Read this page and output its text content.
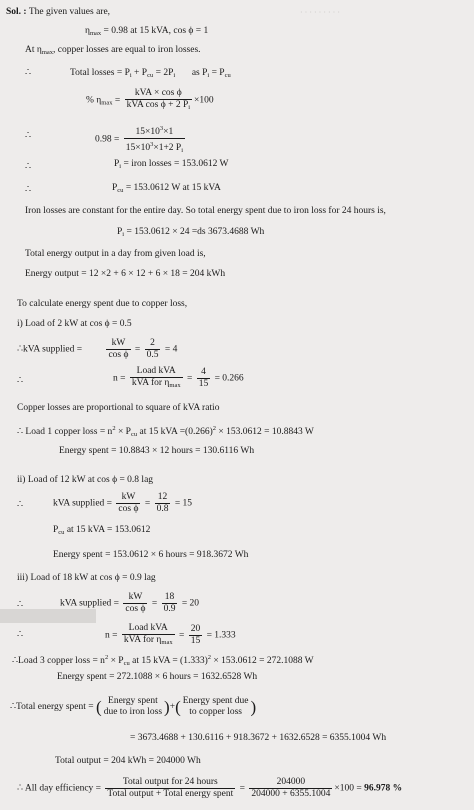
· · · · · · · · ·
Sol. : The given values are,
$\eta_{max} = 0.98$ at 15 kVA, cos ϕ = 1
At $\eta_{max}$, copper losses are equal to iron losses.
∴	Total losses = $P_i + P_{cu} = 2P_i$       as $P_i = P_{cu}$
% $\eta_{max} = \frac{\text{kVA × cos ϕ}}{kVA \cos \phi + 2 P_i} \times 100$
∴	$0.98 = \frac{15\times 10^3\times 1}{15\times 10^3\times 1+2 P_i}$
∴	$P_i$ = iron losses = 153.0612 W
∴	$P_{cu} = 153.0612$ W at 15 kVA
Iron losses are constant for the entire day. So total energy spent due to iron loss for 24 hours is,
$P_i = 153.0612 \times 24 =ds$ 3673.4688 Wh
Total energy output in a day from given load is,
Energy output = 12 ×2 + 6 × 12 + 6 × 18 = 204 kWh
To calculate energy spent due to copper loss,
i) Load of 2 kW at cos ϕ = 0.5
∴kVA supplied =	$\frac{kW}{\text{cos ϕ}} = \frac{2}{0.5} = 4$
∴	$n = \frac{\text{Load kVA}}{kVA for \eta_{max}} = \frac{4}{15} = 0.266$
Copper losses are proportional to square of kVA ratio
∴ Load 1 copper loss = $n^2 \times P_{cu}$ at 15 kVA $=(0.266)^2 \times 153.0612 = 10.8843$ W
Energy spent = 10.8843 × 12 hours = 130.6116 Wh
ii) Load of 12 kW at cos ϕ = 0.8 lag
∴	kVA supplied = $\frac{kW}{\text{cos ϕ}} = \frac{12}{0.8} = 15$
$P_{cu}$ at 15 kVA = 153.0612
Energy spent = 153.0612 × 6 hours = 918.3672 Wh
iii) Load of 18 kW at cos ϕ = 0.9 lag
∴	kVA supplied = $\frac{kW}{\text{cos ϕ}} = \frac{18}{0.9} = 20$
∴	$n = \frac{\text{Load kVA}}{kVA for \eta_{max}} = \frac{20}{15} = 1.333$
∴Load 3 copper loss = $n^2 \times P_{cu}$ at 15 kVA = $(1.333)^2 \times 153.0612 = 272.1088$ W
Energy spent = 272.1088 × 6 hours = 1632.6528 Wh
∴Total energy spent = ( Energy spent
due to iron loss )+( Energy spent due
to copper loss )
= 3673.4688 + 130.6116 + 918.3672 + 1632.6528 = 6355.1004 Wh
Total output = 204 kWh = 204000 Wh
∴ All day efficiency = $\frac{\text{Total output for 24 hours}}{\text{Total output + Total energy spent}} = \frac{204000}{204000 + 6355.1004} \times 100 = 96.978$ %
